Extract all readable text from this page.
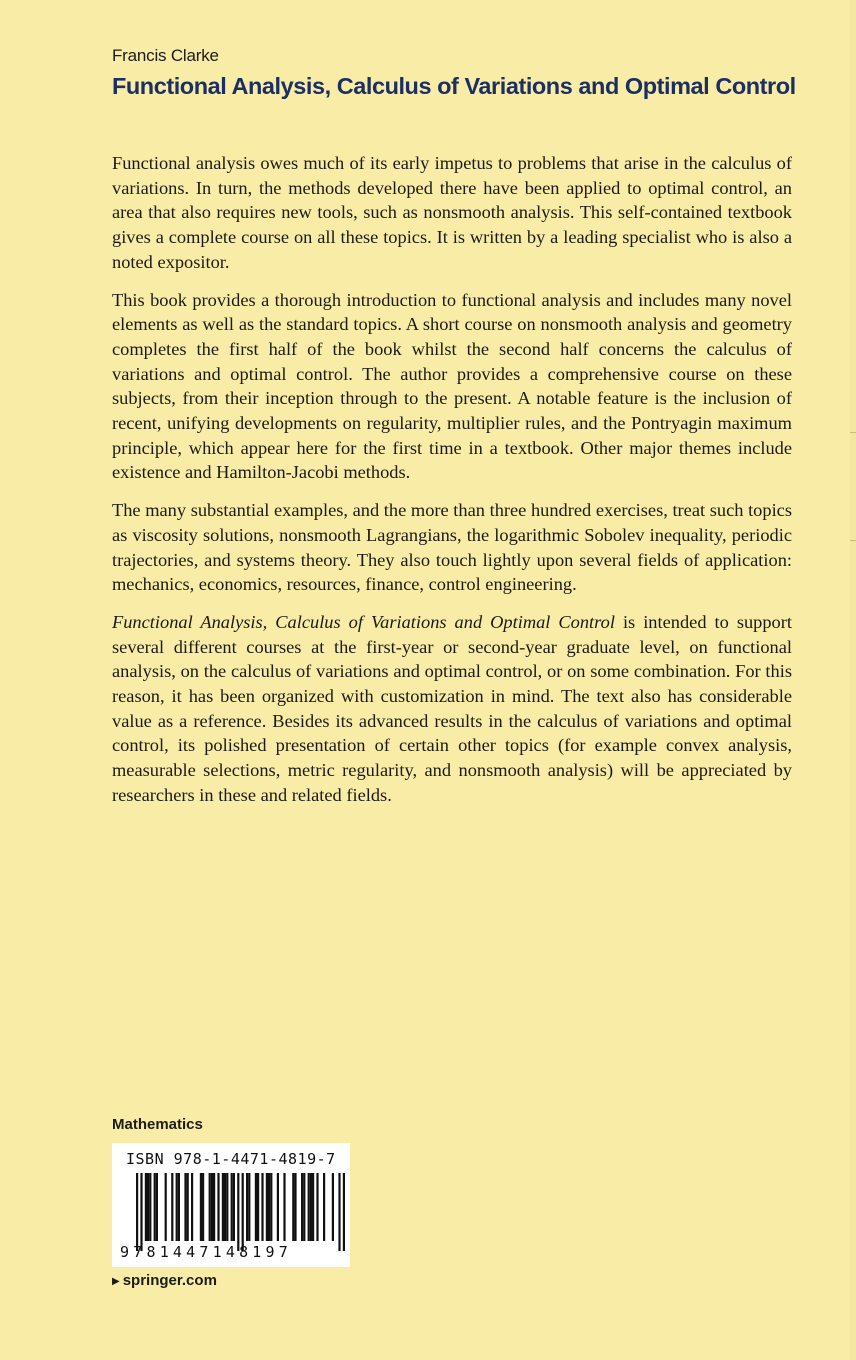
Francis Clarke
Functional Analysis, Calculus of Variations and Optimal Control

Functional analysis owes much of its early impetus to problems that arise in the calculus of variations. In turn, the methods developed there have been applied to optimal control, an area that also requires new tools, such as nonsmooth analysis. This self-contained textbook gives a complete course on all these topics. It is written by a leading specialist who is also a noted expositor.

This book provides a thorough introduction to functional analysis and includes many novel elements as well as the standard topics. A short course on nonsmooth analysis and geometry completes the first half of the book whilst the second half concerns the calculus of variations and optimal control. The author provides a comprehensive course on these subjects, from their inception through to the present. A notable feature is the inclusion of recent, unifying developments on regularity, multiplier rules, and the Pontryagin maximum principle, which appear here for the first time in a textbook. Other major themes include existence and Hamilton-Jacobi methods.

The many substantial examples, and the more than three hundred exercises, treat such topics as viscosity solutions, nonsmooth Lagrangians, the logarithmic Sobolev inequality, periodic trajectories, and systems theory. They also touch lightly upon several fields of application: mechanics, economics, resources, finance, control engineering.

Functional Analysis, Calculus of Variations and Optimal Control is intended to support several different courses at the first-year or second-year graduate level, on functional analysis, on the calculus of variations and optimal control, or on some combination. For this reason, it has been organized with customization in mind. The text also has considerable value as a reference. Besides its advanced results in the calculus of variations and optimal control, its polished presentation of certain other topics (for example convex analysis, measurable selections, metric regularity, and nonsmooth analysis) will be appreciated by researchers in these and related fields.

Mathematics
ISBN 978-1-4471-4819-7
9781447148197
▶ springer.com
